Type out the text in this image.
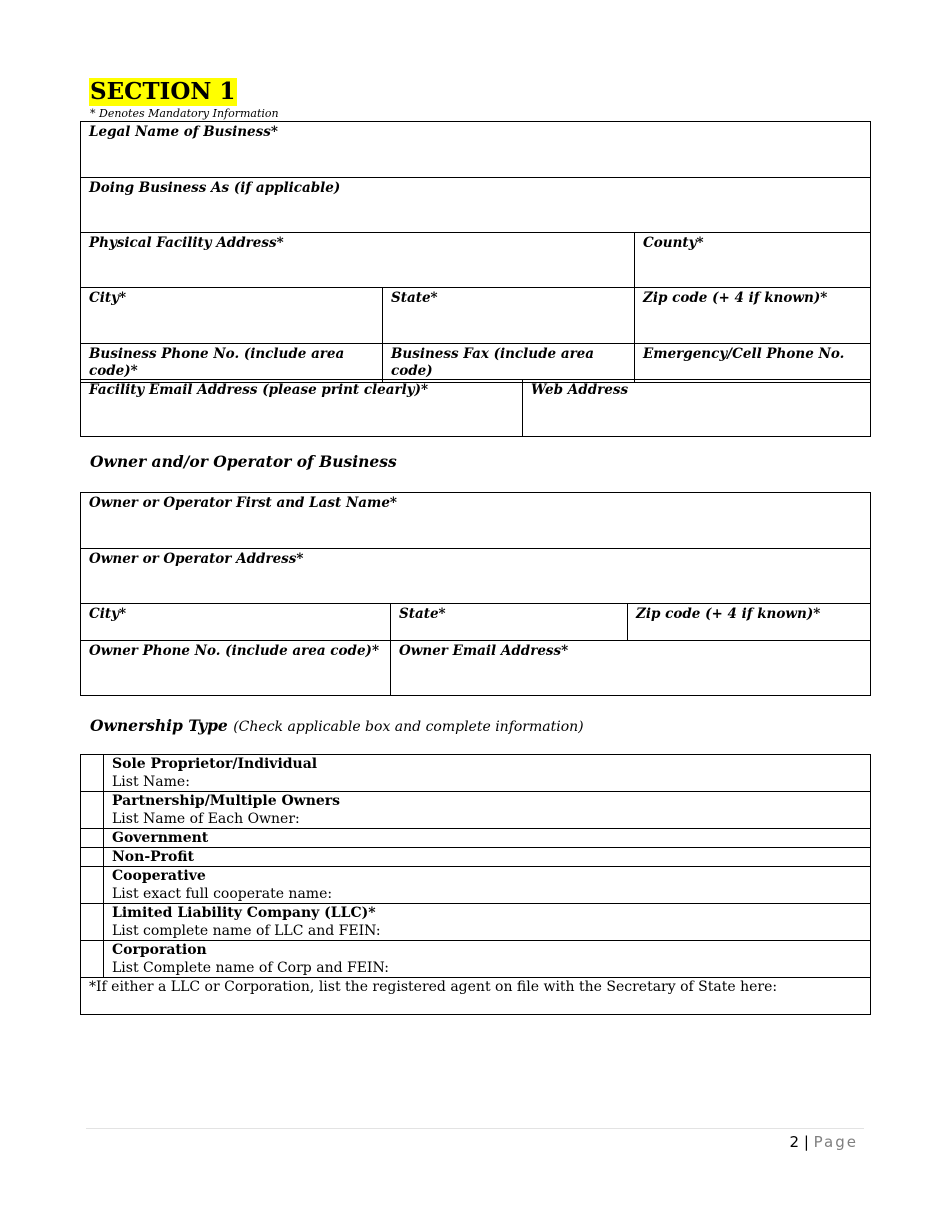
SECTION 1
* Denotes Mandatory Information
Legal Name of Business*		
Doing Business As (if applicable)		
Physical Facility Address*		County*
City*	State*	Zip code (+ 4 if known)*
Business Phone No. (include area code)*	Business Fax (include area code)	Emergency/Cell Phone No.
Facility Email Address (please print clearly)*	Web Address
Owner and/or Operator of Business
Owner or Operator First and Last Name*		
Owner or Operator Address*		
City*	State*	Zip code (+ 4 if known)*
Owner Phone No. (include area code)*	Owner Email Address*	
Ownership Type (Check applicable box and complete information)

	Sole Proprietor/Individual
List Name:

	Partnership/Multiple Owners
List Name of Each Owner:

	Government

	Non-Profit

	Cooperative
List exact full cooperate name:

	Limited Liability Company (LLC)*
List complete name of LLC and FEIN:

	Corporation
List Complete name of Corp and FEIN:

*If either a LLC or Corporation, list the registered agent on file with the Secretary of State here:	
2 | Page
